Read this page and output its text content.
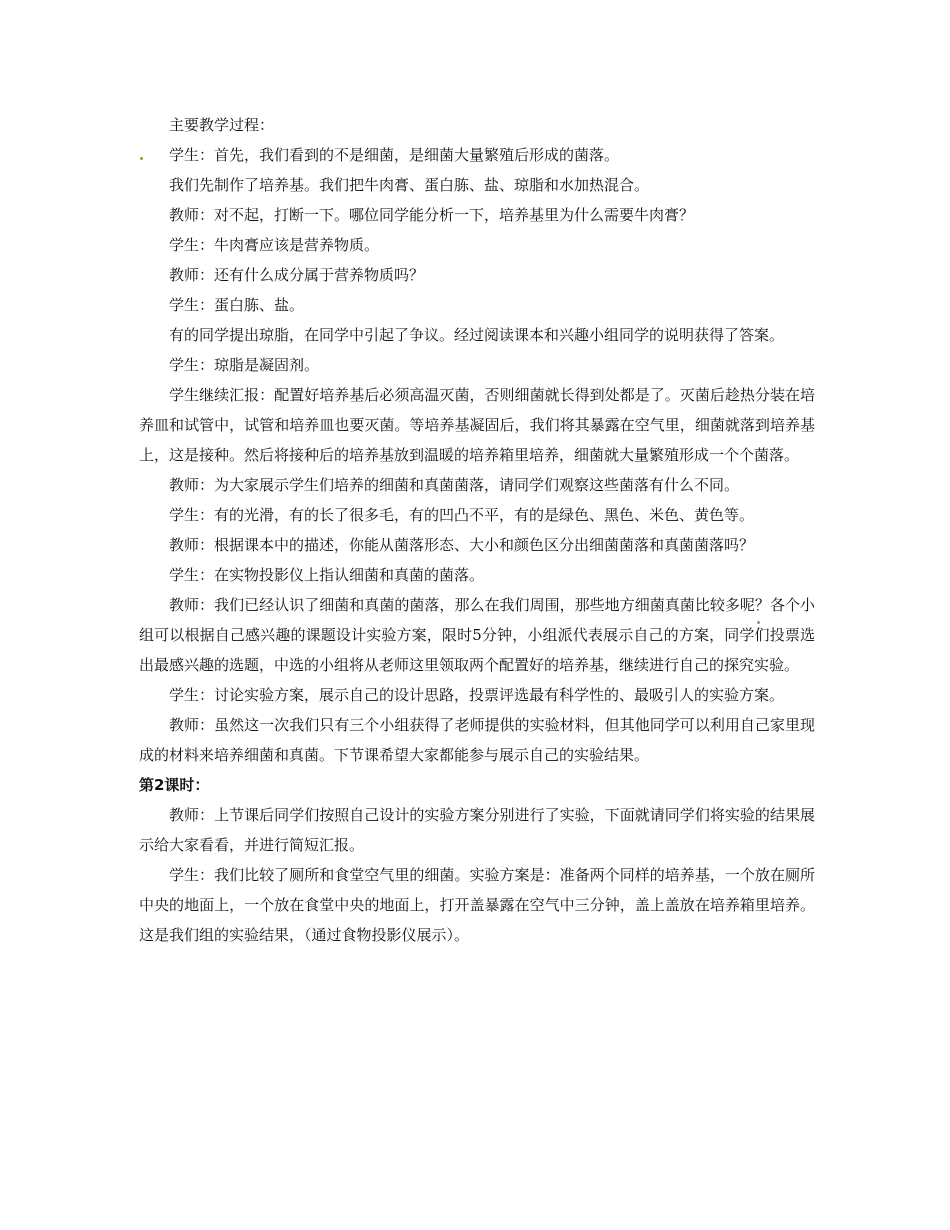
主要教学过程：

学生：首先，我们看到的不是细菌，是细菌大量繁殖后形成的菌落。

我们先制作了培养基。我们把牛肉膏、蛋白胨、盐、琼脂和水加热混合。

教师：对不起，打断一下。哪位同学能分析一下，培养基里为什么需要牛肉膏？

学生：牛肉膏应该是营养物质。

教师：还有什么成分属于营养物质吗？

学生：蛋白胨、盐。

有的同学提出琼脂，在同学中引起了争议。经过阅读课本和兴趣小组同学的说明获得了答案。

学生：琼脂是凝固剂。

学生继续汇报：配置好培养基后必须高温灭菌，否则细菌就长得到处都是了。灭菌后趁热分装在培养皿和试管中，试管和培养皿也要灭菌。等培养基凝固后，我们将其暴露在空气里，细菌就落到培养基上，这是接种。然后将接种后的培养基放到温暖的培养箱里培养，细菌就大量繁殖形成一个个菌落。

教师：为大家展示学生们培养的细菌和真菌菌落，请同学们观察这些菌落有什么不同。

学生：有的光滑，有的长了很多毛，有的凹凸不平，有的是绿色、黑色、米色、黄色等。

教师：根据课本中的描述，你能从菌落形态、大小和颜色区分出细菌菌落和真菌菌落吗？

学生：在实物投影仪上指认细菌和真菌的菌落。

教师：我们已经认识了细菌和真菌的菌落，那么在我们周围，那些地方细菌真菌比较多呢？各个小组可以根据自己感兴趣的课题设计实验方案，限时5分钟，小组派代表展示自己的方案，同学们投票选出最感兴趣的选题，中选的小组将从老师这里领取两个配置好的培养基，继续进行自己的探究实验。

学生：讨论实验方案，展示自己的设计思路，投票评选最有科学性的、最吸引人的实验方案。

教师：虽然这一次我们只有三个小组获得了老师提供的实验材料，但其他同学可以利用自己家里现成的材料来培养细菌和真菌。下节课希望大家都能参与展示自己的实验结果。

第2课时：

教师：上节课后同学们按照自己设计的实验方案分别进行了实验，下面就请同学们将实验的结果展示给大家看看，并进行简短汇报。

学生：我们比较了厕所和食堂空气里的细菌。实验方案是：准备两个同样的培养基，一个放在厕所中央的地面上，一个放在食堂中央的地面上，打开盖暴露在空气中三分钟，盖上盖放在培养箱里培养。这是我们组的实验结果，（通过食物投影仪展示）。
